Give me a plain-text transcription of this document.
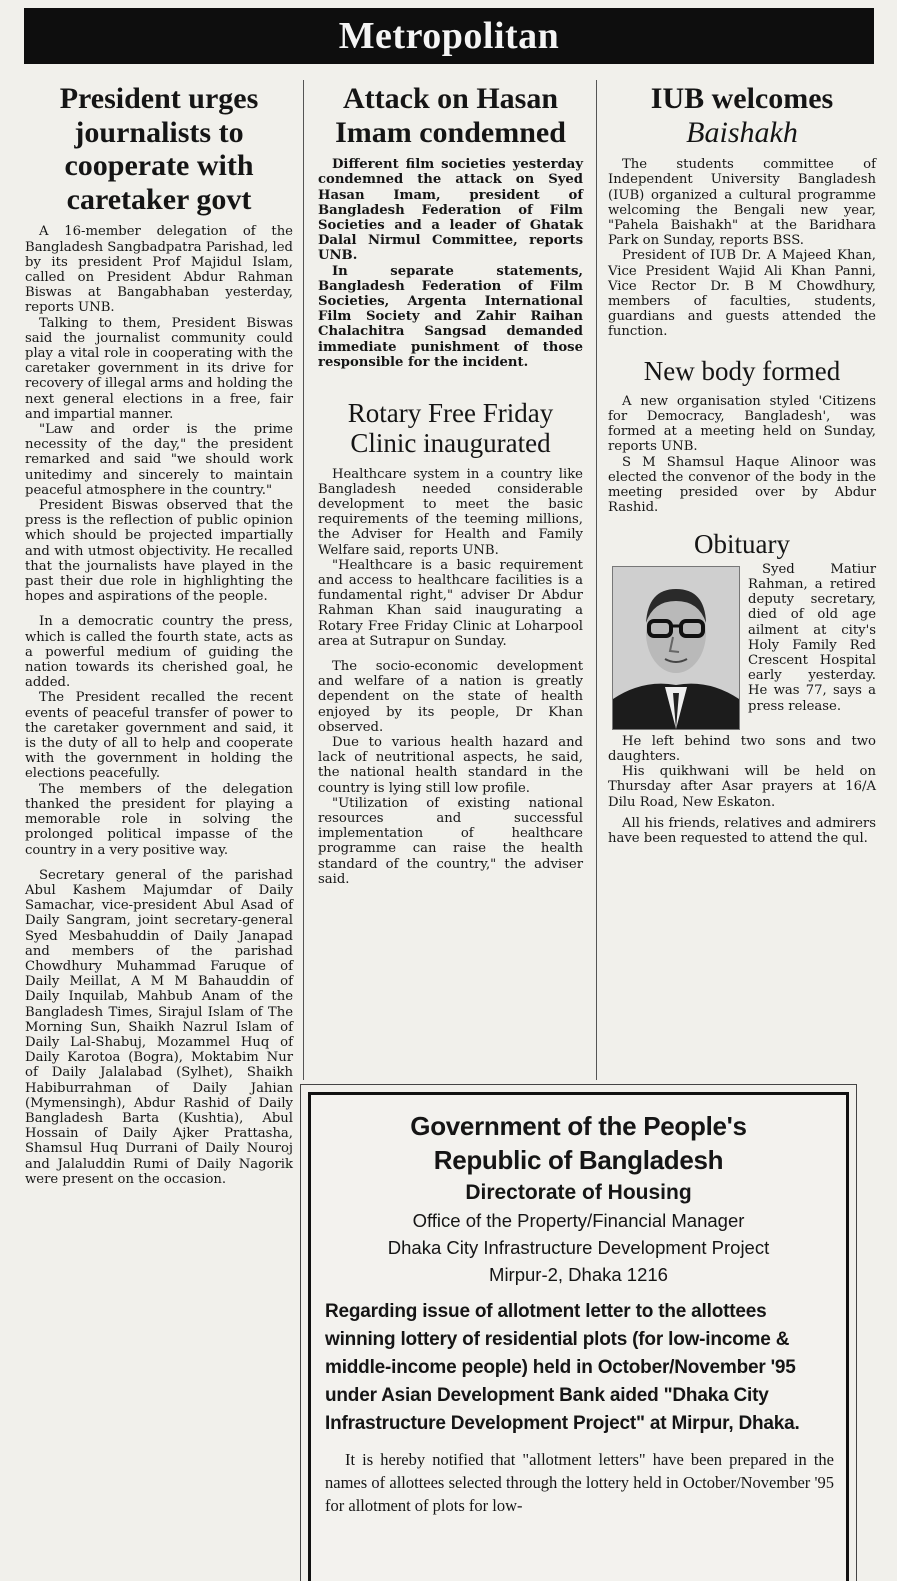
Metropolitan
President urges journalists to cooperate with caretaker govt

A 16-member delegation of the Bangladesh Sangbadpatra Parishad, led by its president Prof Majidul Islam, called on President Abdur Rahman Biswas at Bangabhaban yesterday, reports UNB.

Talking to them, President Biswas said the journalist community could play a vital role in cooperating with the caretaker government in its drive for recovery of illegal arms and holding the next general elections in a free, fair and impartial manner.

"Law and order is the prime necessity of the day," the president remarked and said "we should work unitedimy and sincerely to maintain peaceful atmosphere in the country."

President Biswas observed that the press is the reflection of public opinion which should be projected impartially and with utmost objectivity. He recalled that the journalists have played in the past their due role in highlighting the hopes and aspirations of the people.

In a democratic country the press, which is called the fourth state, acts as a powerful medium of guiding the nation towards its cherished goal, he added.

The President recalled the recent events of peaceful transfer of power to the caretaker government and said, it is the duty of all to help and cooperate with the government in holding the elections peacefully.

The members of the delegation thanked the president for playing a memorable role in solving the prolonged political impasse of the country in a very positive way.

Secretary general of the parishad Abul Kashem Majumdar of Daily Samachar, vice-president Abul Asad of Daily Sangram, joint secretary-general Syed Mesbahuddin of Daily Janapad and members of the parishad Chowdhury Muhammad Faruque of Daily Meillat, A M M Bahauddin of Daily Inquilab, Mahbub Anam of the Bangladesh Times, Sirajul Islam of The Morning Sun, Shaikh Nazrul Islam of Daily Lal-Shabuj, Mozammel Huq of Daily Karotoa (Bogra), Moktabim Nur of Daily Jalalabad (Sylhet), Shaikh Habiburrahman of Daily Jahian (Mymensingh), Abdur Rashid of Daily Bangladesh Barta (Kushtia), Abul Hossain of Daily Ajker Prattasha, Shamsul Huq Durrani of Daily Nouroj and Jalaluddin Rumi of Daily Nagorik were present on the occasion.

Attack on Hasan Imam condemned

Different film societies yesterday condemned the attack on Syed Hasan Imam, president of Bangladesh Federation of Film Societies and a leader of Ghatak Dalal Nirmul Committee, reports UNB.

In separate statements, Bangladesh Federation of Film Societies, Argenta International Film Society and Zahir Raihan Chalachitra Sangsad demanded immediate punishment of those responsible for the incident.

Rotary Free Friday Clinic inaugurated

Healthcare system in a country like Bangladesh needed considerable development to meet the basic requirements of the teeming millions, the Adviser for Health and Family Welfare said, reports UNB.

"Healthcare is a basic requirement and access to healthcare facilities is a fundamental right," adviser Dr Abdur Rahman Khan said inaugurating a Rotary Free Friday Clinic at Loharpool area at Sutrapur on Sunday.

The socio-economic development and welfare of a nation is greatly dependent on the state of health enjoyed by its people, Dr Khan observed.

Due to various health hazard and lack of neutritional aspects, he said, the national health standard in the country is lying still low profile.

"Utilization of existing national resources and successful implementation of healthcare programme can raise the health standard of the country," the adviser said.

IUB welcomes
Baishakh

The students committee of Independent University Bangladesh (IUB) organized a cultural programme welcoming the Bengali new year, "Pahela Baishakh" at the Baridhara Park on Sunday, reports BSS.

President of IUB Dr. A Majeed Khan, Vice President Wajid Ali Khan Panni, Vice Rector Dr. B M Chowdhury, members of faculties, students, guardians and guests attended the function.

New body formed

A new organisation styled 'Citizens for Democracy, Bangladesh', was formed at a meeting held on Sunday, reports UNB.

S M Shamsul Haque Alinoor was elected the convenor of the body in the meeting presided over by Abdur Rashid.

Obituary

Syed Matiur Rahman, a retired deputy secretary, died of old age ailment at city's Holy Family Red Crescent Hospital early yesterday. He was 77, says a press release.

He left behind two sons and two daughters.

His quikhwani will be held on Thursday after Asar prayers at 16/A Dilu Road, New Eskaton.

All his friends, relatives and admirers have been requested to attend the qul.

Government of the People's
Republic of Bangladesh
Directorate of Housing
Office of the Property/Financial Manager
Dhaka City Infrastructure Development Project
Mirpur-2, Dhaka 1216
Regarding issue of allotment letter to the allottees winning lottery of residential plots (for low-income & middle-income people) held in October/November '95 under Asian Development Bank aided "Dhaka City Infrastructure Development Project" at Mirpur, Dhaka.
It is hereby notified that "allotment letters" have been prepared in the names of allottees selected through the lottery held in October/November '95 for allotment of plots for low-
